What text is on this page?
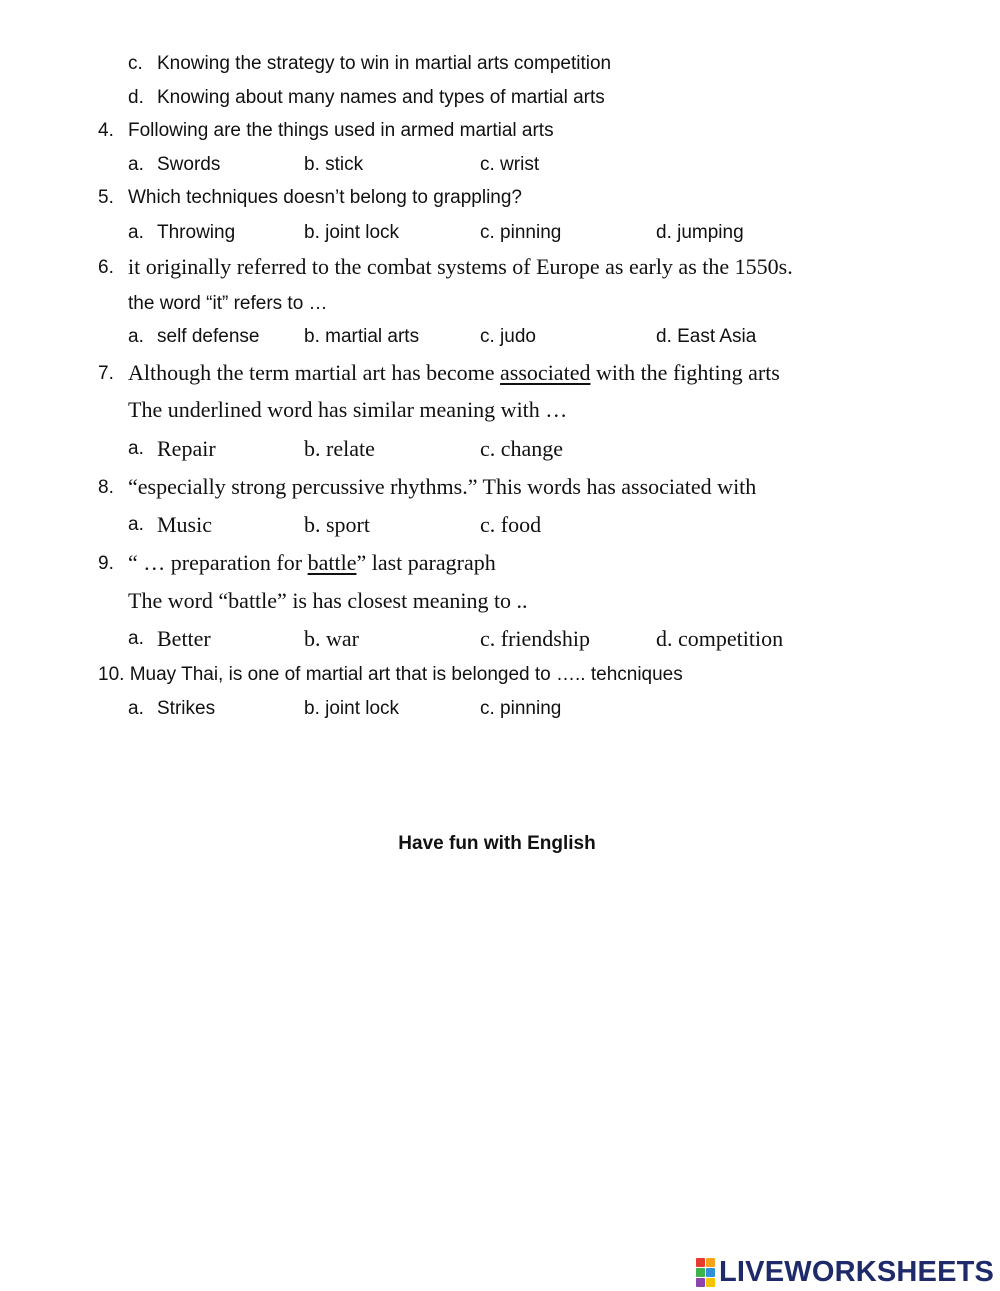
c. Knowing the strategy to win in martial arts competition
d. Knowing about many names and types of martial arts
4. Following are the things used in armed martial arts
a. Swords	b. stick	c. wrist
5. Which techniques doesn’t belong to grappling?
a. Throwing	b. joint lock	c. pinning	d. jumping
6. it originally referred to the combat systems of Europe as early as the 1550s.
the word “it” refers to …
a. self defense b. martial arts	c. judo	d. East Asia
7. Although the term martial art has become associated with the fighting arts
The underlined word has similar meaning with …
a. Repair	b. relate	c. change
8. “especially strong percussive rhythms.” This words has associated with
a. Music	b. sport	c. food
9. “ … preparation for battle” last paragraph
The word “battle” is has closest meaning to ..
a. Better	b. war	c. friendship	d. competition
10. Muay Thai, is one of martial art that is belonged to ….. tehcniques
a. Strikes	b. joint lock	c. pinning
Have fun with English
LIVEWORKSHEETS
